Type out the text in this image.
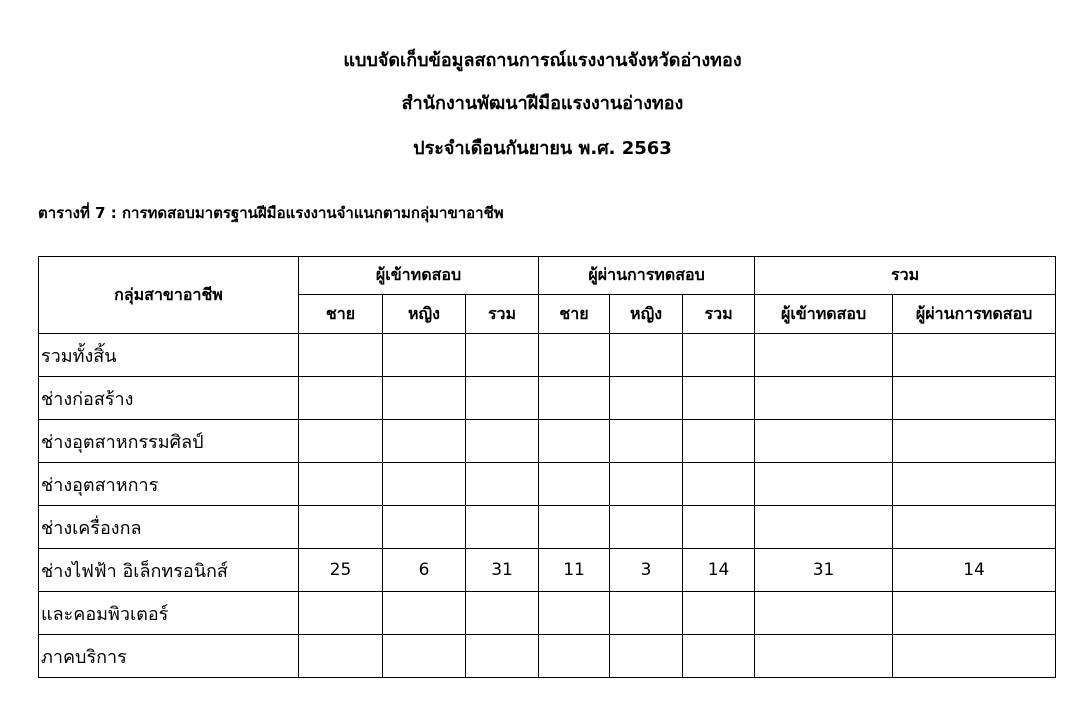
แบบจัดเก็บข้อมูลสถานการณ์แรงงานจังหวัดอ่างทอง
สำนักงานพัฒนาฝีมือแรงงานอ่างทอง
ประจำเดือนกันยายน พ.ศ. 2563
ตารางที่ 7 : การทดสอบมาตรฐานฝีมือแรงงานจำแนกตามกลุ่มาขาอาชีพ
กลุ่มสาขาอาชีพ	ผู้เข้าทดสอบ			ผู้ผ่านการทดสอบ			รวม	
	ชาย	หญิง	รวม	ชาย	หญิง	รวม	ผู้เข้าทดสอบ	ผู้ผ่านการทดสอบ
รวมทั้งสิ้น								
ช่างก่อสร้าง								
ช่างอุตสาหกรรมศิลป์								
ช่างอุตสาหการ								
ช่างเครื่องกล								
ช่างไฟฟ้า อิเล็กทรอนิกส์	25	6	31	11	3	14	31	14
และคอมพิวเตอร์								
ภาคบริการ								
